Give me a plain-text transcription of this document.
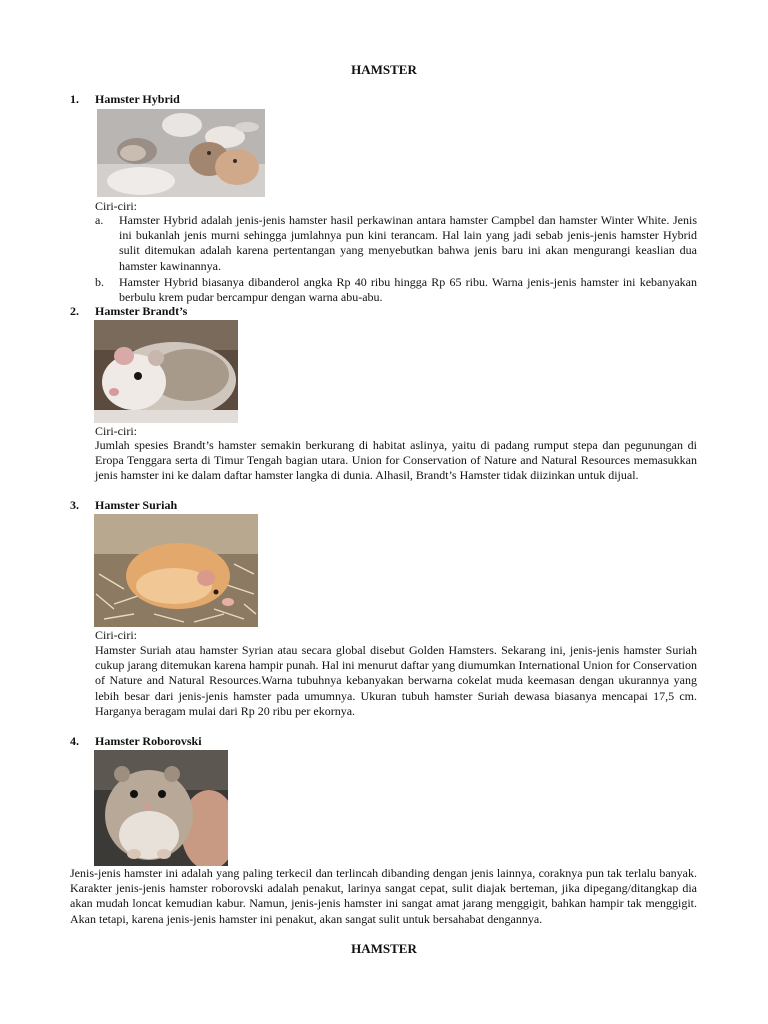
HAMSTER
1. Hamster Hybrid
Ciri-ciri:
a. Hamster Hybrid adalah jenis-jenis hamster hasil perkawinan antara hamster Campbel dan hamster Winter White. Jenis ini bukanlah jenis murni sehingga jumlahnya pun kini terancam. Hal lain yang jadi sebab jenis-jenis hamster Hybrid sulit ditemukan adalah karena pertentangan yang menyebutkan bahwa jenis baru ini akan mengurangi keaslian dua hamster kawinannya.
b. Hamster Hybrid biasanya dibanderol angka Rp 40 ribu hingga Rp 65 ribu. Warna jenis-jenis hamster ini kebanyakan berbulu krem pudar bercampur dengan warna abu-abu.
2. Hamster Brandt’s
Ciri-ciri:
Jumlah spesies Brandt’s hamster semakin berkurang di habitat aslinya, yaitu di padang rumput stepa dan pegunungan di Eropa Tenggara serta di Timur Tengah bagian utara. Union for Conservation of Nature and Natural Resources memasukkan jenis hamster ini ke dalam daftar hamster langka di dunia. Alhasil, Brandt’s Hamster tidak diizinkan untuk dijual.
3. Hamster Suriah
Ciri-ciri:
Hamster Suriah atau hamster Syrian atau secara global disebut Golden Hamsters. Sekarang ini, jenis-jenis hamster Suriah cukup jarang ditemukan karena hampir punah. Hal ini menurut daftar yang diumumkan International Union for Conservation of Nature and Natural Resources.Warna tubuhnya kebanyakan berwarna cokelat muda keemasan dengan ukurannya yang lebih besar dari jenis-jenis hamster pada umumnya. Ukuran tubuh hamster Suriah dewasa biasanya mencapai 17,5 cm. Harganya beragam mulai dari Rp 20 ribu per ekornya.
4. Hamster Roborovski
Jenis-jenis hamster ini adalah yang paling terkecil dan terlincah dibanding dengan jenis lainnya, coraknya pun tak terlalu banyak. Karakter jenis-jenis hamster roborovski adalah penakut, larinya sangat cepat, sulit diajak berteman, jika dipegang/ditangkap dia akan mudah loncat kemudian kabur. Namun, jenis-jenis hamster ini sangat amat jarang menggigit, bahkan hampir tak menggigit. Akan tetapi, karena jenis-jenis hamster ini penakut, akan sangat sulit untuk bersahabat dengannya.
HAMSTER
